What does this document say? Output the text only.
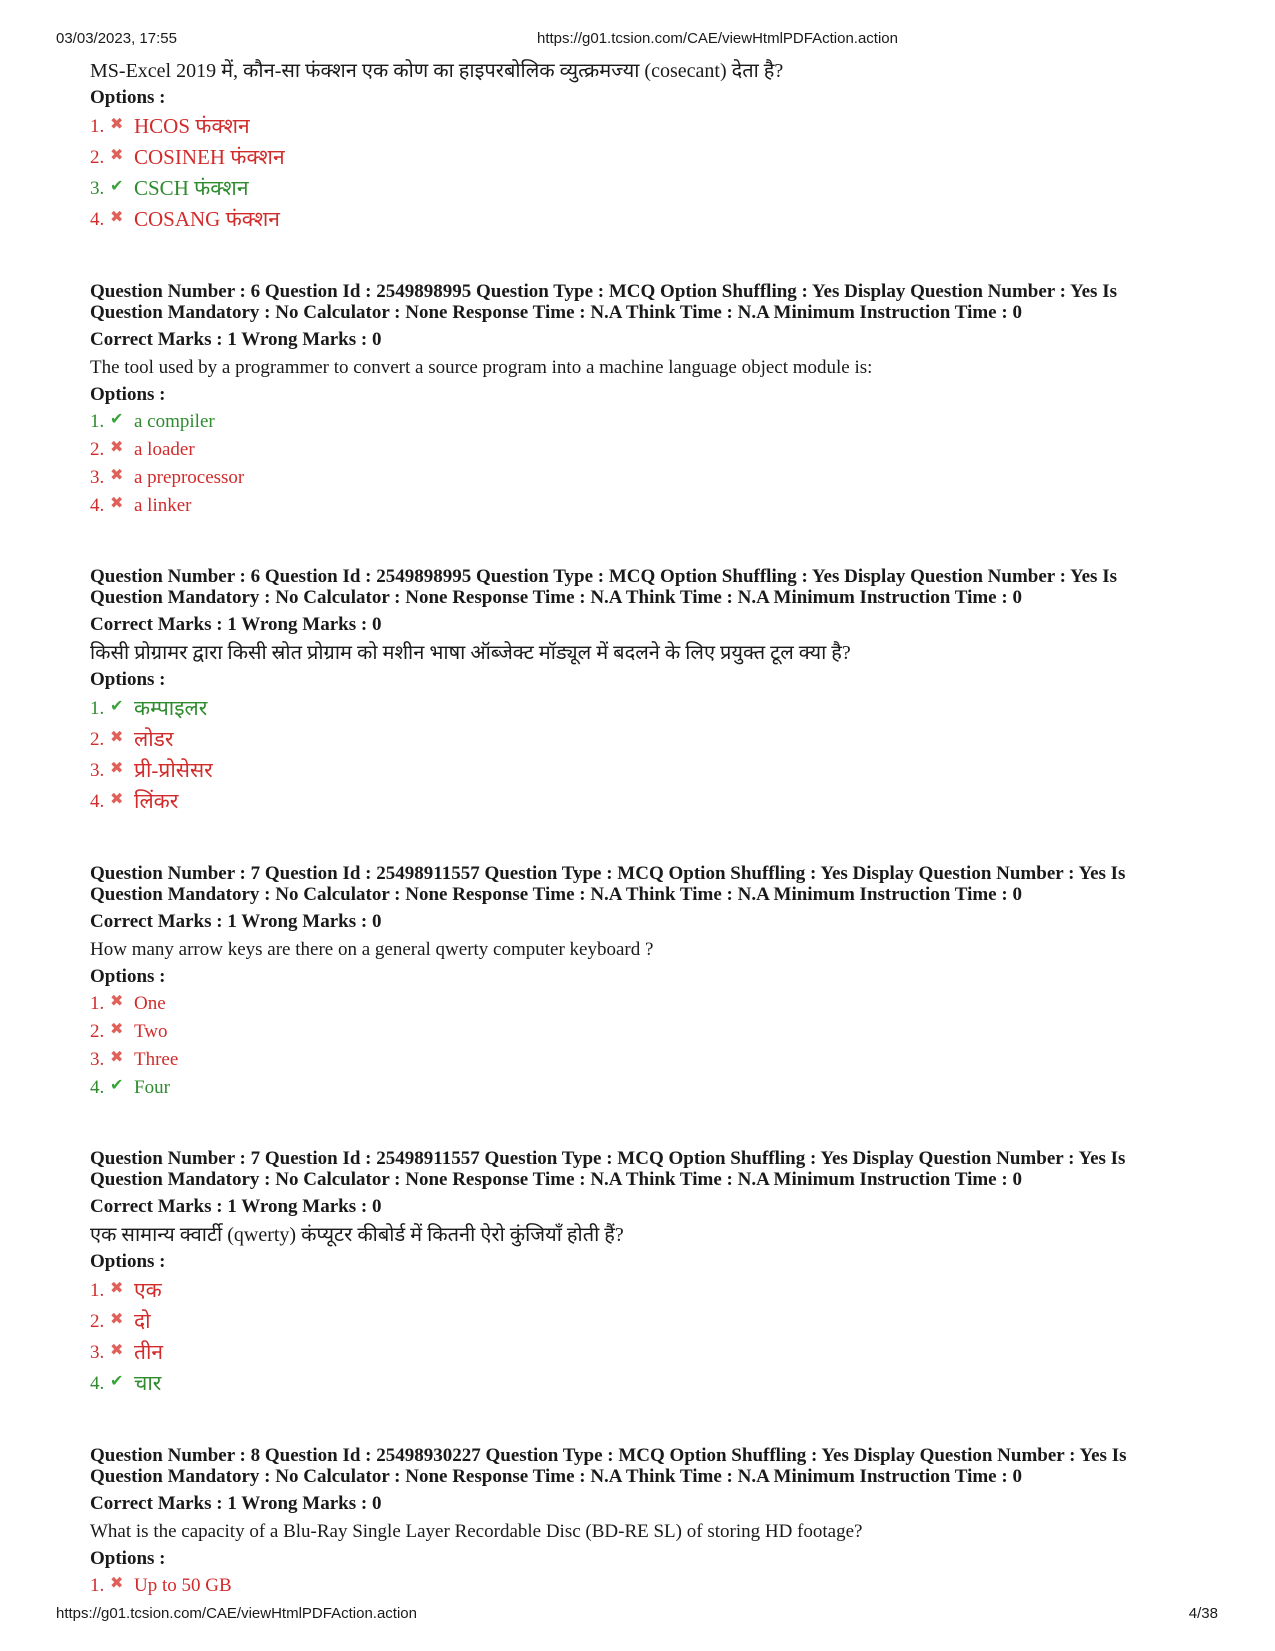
03/03/2023, 17:55	https://g01.tcsion.com/CAE/viewHtmlPDFAction.action

MS-Excel 2019 में, कौन-सा फंक्शन एक कोण का हाइपरबोलिक व्युत्क्रमज्या (cosecant) देता है?

Options :
1. ✖ HCOS फंक्शन
2. ✖ COSINEH फंक्शन
3. ✔ CSCH फंक्शन
4. ✖ COSANG फंक्शन

Question Number : 6 Question Id : 2549898995 Question Type : MCQ Option Shuffling : Yes Display Question Number : Yes Is

Question Mandatory : No Calculator : None Response Time : N.A Think Time : N.A Minimum Instruction Time : 0

Correct Marks : 1 Wrong Marks : 0

The tool used by a programmer to convert a source program into a machine language object module is:

Options :
1. ✔ a compiler
2. ✖ a loader
3. ✖ a preprocessor
4. ✖ a linker

Question Number : 6 Question Id : 2549898995 Question Type : MCQ Option Shuffling : Yes Display Question Number : Yes Is

Question Mandatory : No Calculator : None Response Time : N.A Think Time : N.A Minimum Instruction Time : 0

Correct Marks : 1 Wrong Marks : 0

किसी प्रोग्रामर द्वारा किसी स्रोत प्रोग्राम को मशीन भाषा ऑब्जेक्ट मॉड्यूल में बदलने के लिए प्रयुक्त टूल क्या है?

Options :
1. ✔ कम्पाइलर
2. ✖ लोडर
3. ✖ प्री-प्रोसेसर
4. ✖ लिंकर

Question Number : 7 Question Id : 25498911557 Question Type : MCQ Option Shuffling : Yes Display Question Number : Yes Is

Question Mandatory : No Calculator : None Response Time : N.A Think Time : N.A Minimum Instruction Time : 0

Correct Marks : 1 Wrong Marks : 0

How many arrow keys are there on a general qwerty computer keyboard ?

Options :
1. ✖ One
2. ✖ Two
3. ✖ Three
4. ✔ Four

Question Number : 7 Question Id : 25498911557 Question Type : MCQ Option Shuffling : Yes Display Question Number : Yes Is

Question Mandatory : No Calculator : None Response Time : N.A Think Time : N.A Minimum Instruction Time : 0

Correct Marks : 1 Wrong Marks : 0

एक सामान्य क्वार्टी (qwerty) कंप्यूटर कीबोर्ड में कितनी ऐरो कुंजियाँ होती हैं?

Options :
1. ✖ एक
2. ✖ दो
3. ✖ तीन
4. ✔ चार

Question Number : 8 Question Id : 25498930227 Question Type : MCQ Option Shuffling : Yes Display Question Number : Yes Is

Question Mandatory : No Calculator : None Response Time : N.A Think Time : N.A Minimum Instruction Time : 0

Correct Marks : 1 Wrong Marks : 0

What is the capacity of a Blu-Ray Single Layer Recordable Disc (BD-RE SL) of storing HD footage?

Options :
1. ✖ Up to 50 GB
https://g01.tcsion.com/CAE/viewHtmlPDFAction.action	4/38
